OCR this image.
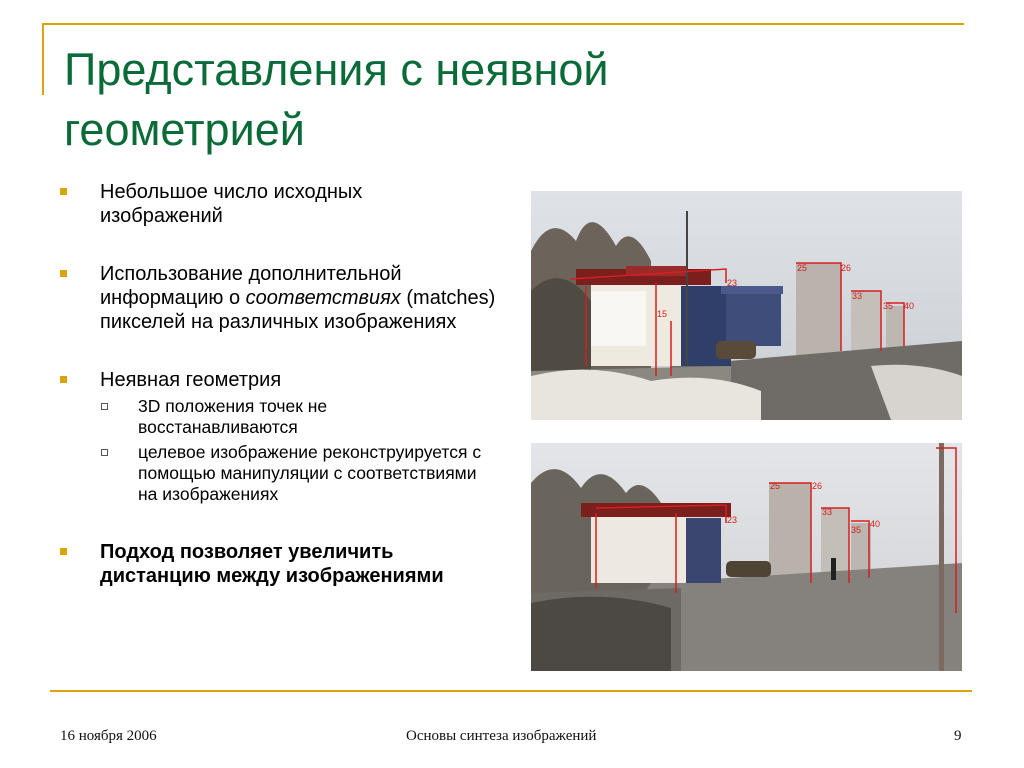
Представления с неявной
геометрией
Небольшое число исходных изображений
Использование дополнительной информацию о соответствиях (matches) пикселей на различных изображениях
Неявная геометрия
3D положения точек не восстанавливаются
целевое изображение реконструируется с помощью манипуляции с соответствиями на изображениях
Подход позволяет увеличить дистанцию между изображениями
23
25	26
33
35 40
15
25	26
33
35
40
23
16 ноября 2006	Основы синтеза изображений	9
